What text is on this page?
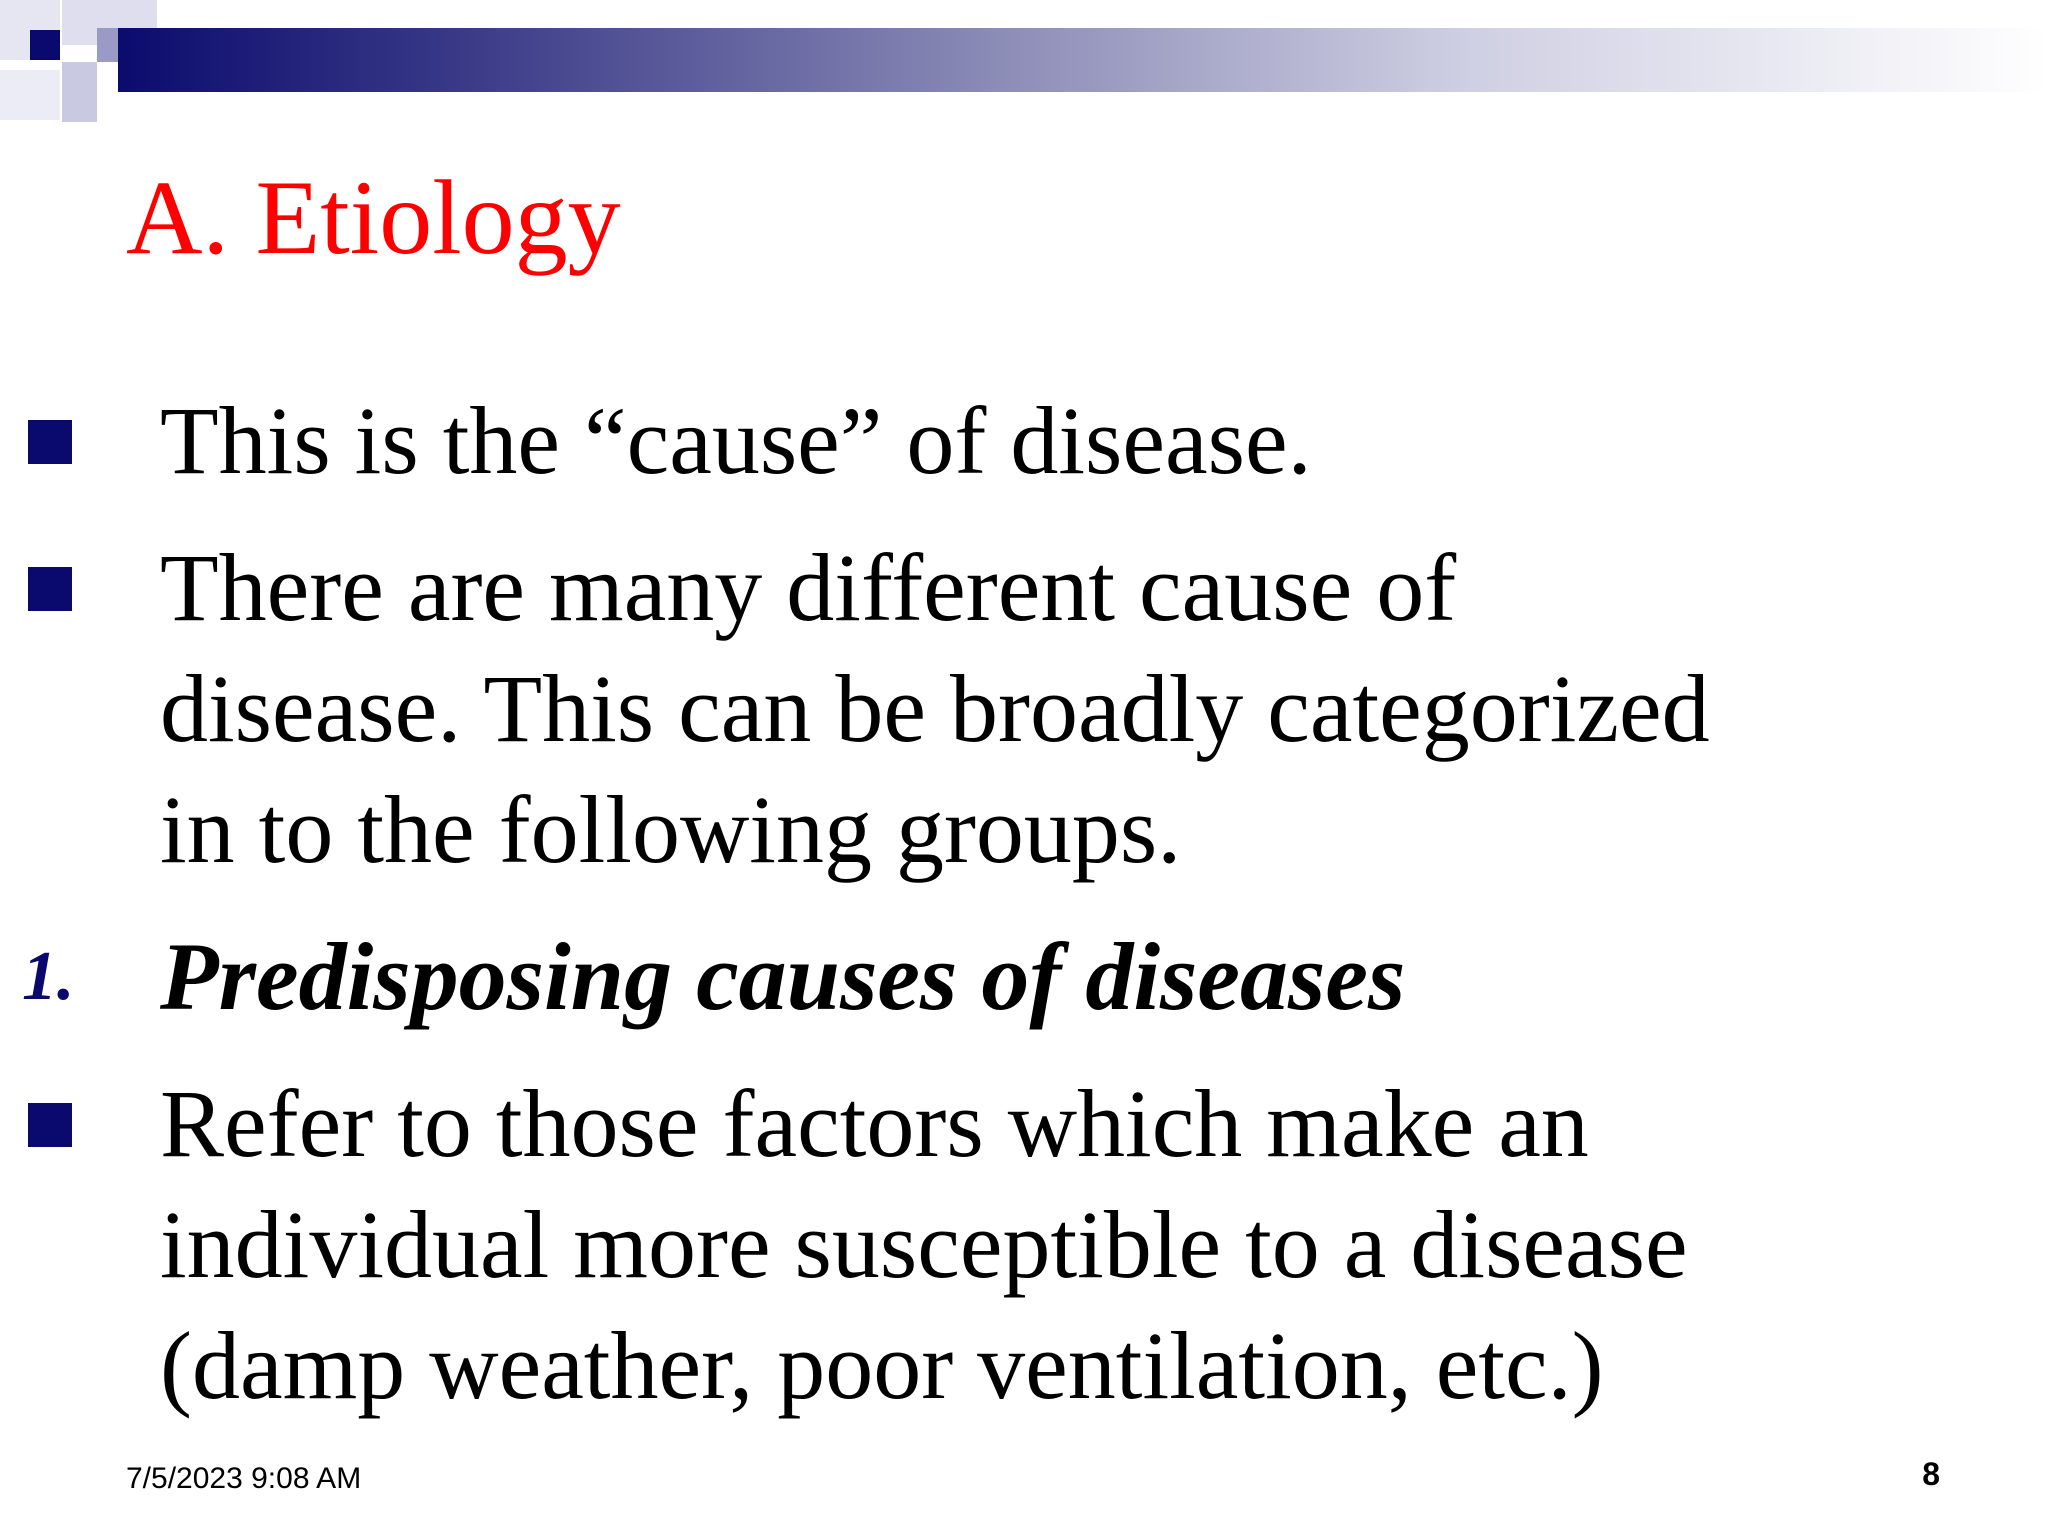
A. Etiology
This is the “cause” of disease.
There are many different cause of
disease. This can be broadly categorized
in to the following groups.
1. Predisposing causes of diseases
Refer to those factors which make an
individual more susceptible to a disease
(damp weather, poor ventilation, etc.)
7/5/2023 9:08 AM	8
